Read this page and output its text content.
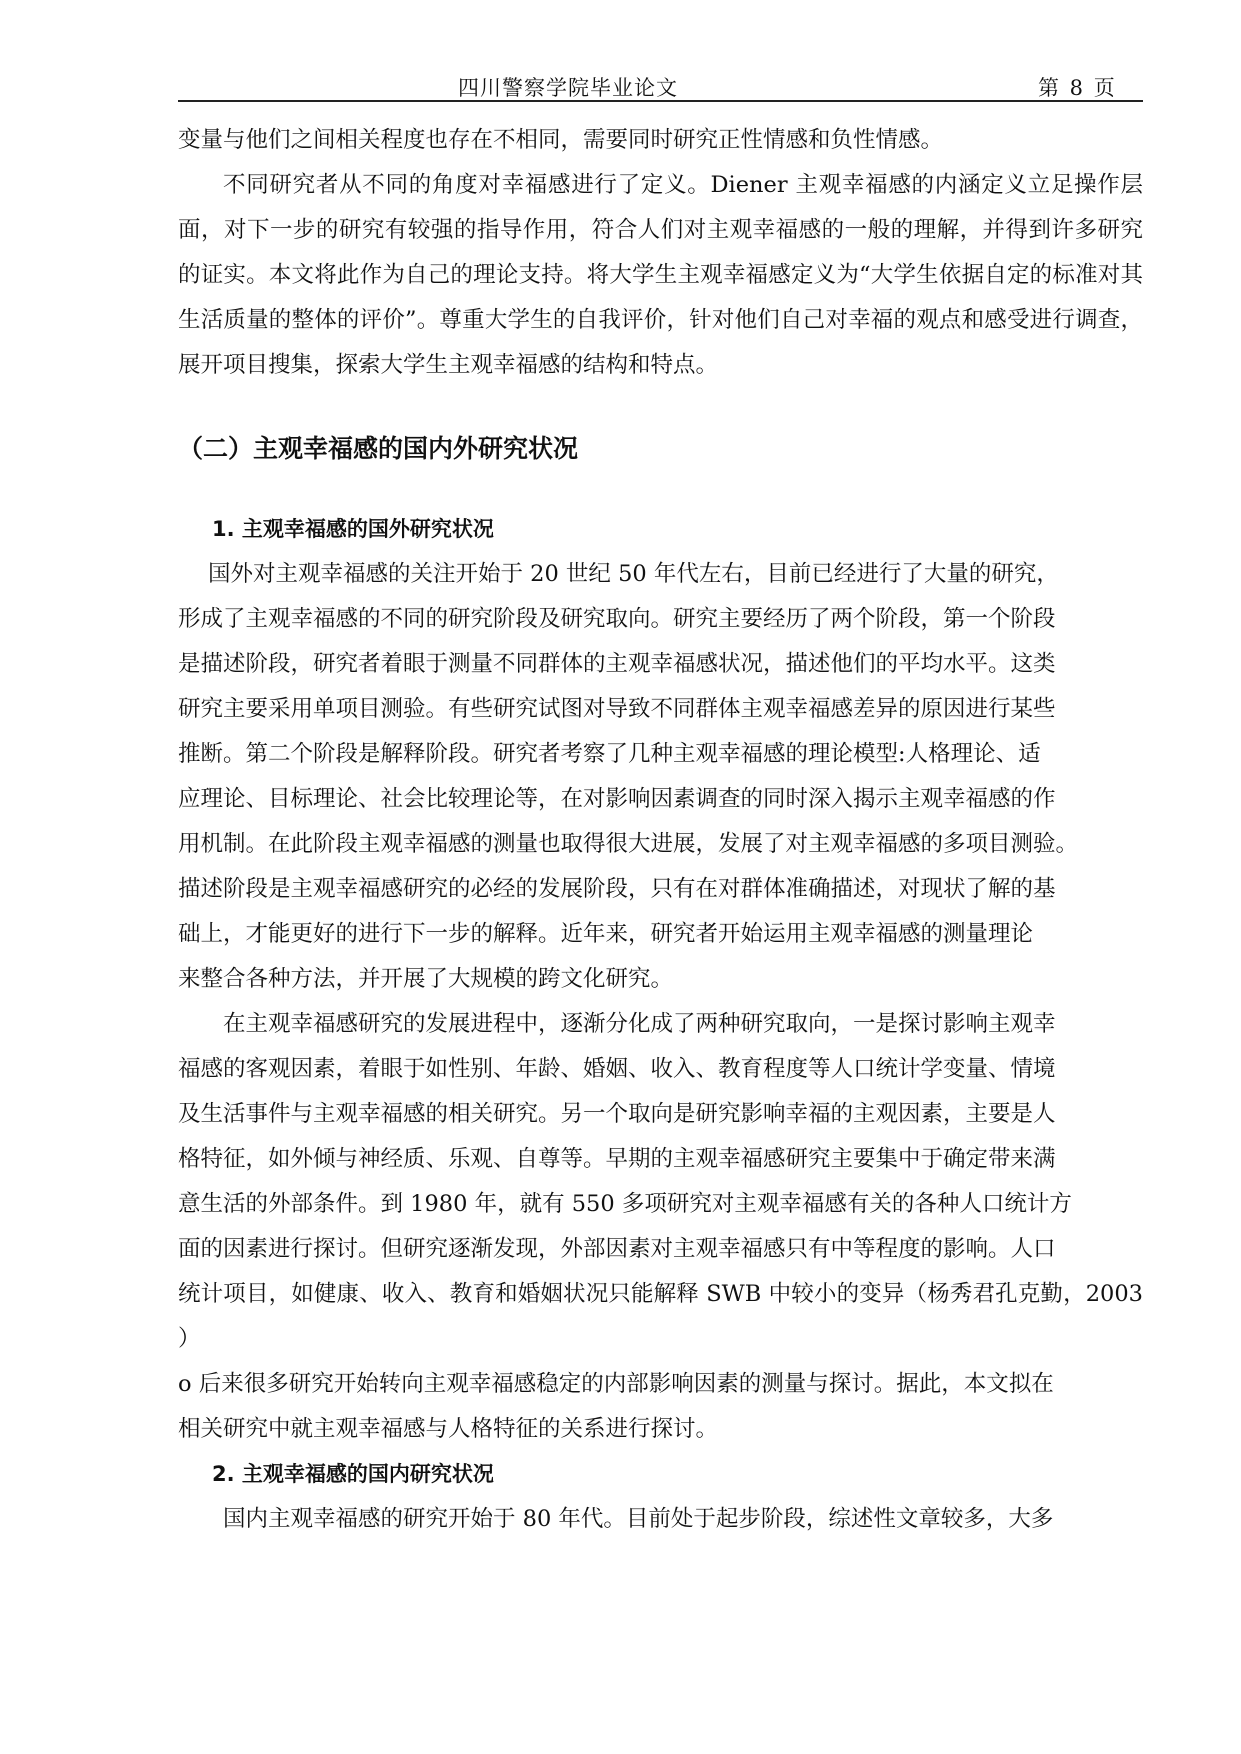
四川警察学院毕业论文	第 8 页

变量与他们之间相关程度也存在不相同，需要同时研究正性情感和负性情感。

不同研究者从不同的角度对幸福感进行了定义。Diener 主观幸福感的内涵定义立足操作层面，对下一步的研究有较强的指导作用，符合人们对主观幸福感的一般的理解，并得到许多研究的证实。本文将此作为自己的理论支持。将大学生主观幸福感定义为“大学生依据自定的标准对其生活质量的整体的评价”。尊重大学生的自我评价，针对他们自己对幸福的观点和感受进行调查，展开项目搜集，探索大学生主观幸福感的结构和特点。

（二）主观幸福感的国内外研究状况
1. 主观幸福感的国外研究状况

国外对主观幸福感的关注开始于 20 世纪 50 年代左右，目前已经进行了大量的研究，

形成了主观幸福感的不同的研究阶段及研究取向。研究主要经历了两个阶段，第一个阶段
是描述阶段，研究者着眼于测量不同群体的主观幸福感状况，描述他们的平均水平。这类
研究主要采用单项目测验。有些研究试图对导致不同群体主观幸福感差异的原因进行某些
推断。第二个阶段是解释阶段。研究者考察了几种主观幸福感的理论模型:人格理论、适
应理论、目标理论、社会比较理论等，在对影响因素调查的同时深入揭示主观幸福感的作
用机制。在此阶段主观幸福感的测量也取得很大进展，发展了对主观幸福感的多项目测验。
描述阶段是主观幸福感研究的必经的发展阶段，只有在对群体准确描述，对现状了解的基
础上，才能更好的进行下一步的解释。近年来，研究者开始运用主观幸福感的测量理论
来整合各种方法，并开展了大规模的跨文化研究。

在主观幸福感研究的发展进程中，逐渐分化成了两种研究取向，一是探讨影响主观幸
福感的客观因素，着眼于如性别、年龄、婚姻、收入、教育程度等人口统计学变量、情境
及生活事件与主观幸福感的相关研究。另一个取向是研究影响幸福的主观因素，主要是人
格特征，如外倾与神经质、乐观、自尊等。早期的主观幸福感研究主要集中于确定带来满
意生活的外部条件。到 1980 年，就有 550 多项研究对主观幸福感有关的各种人口统计方
面的因素进行探讨。但研究逐渐发现，外部因素对主观幸福感只有中等程度的影响。人口
统计项目，如健康、收入、教育和婚姻状况只能解释 SWB 中较小的变异（杨秀君孔克勤，2003 ）
o 后来很多研究开始转向主观幸福感稳定的内部影响因素的测量与探讨。据此，本文拟在
相关研究中就主观幸福感与人格特征的关系进行探讨。

2. 主观幸福感的国内研究状况

国内主观幸福感的研究开始于 80 年代。目前处于起步阶段，综述性文章较多，大多
